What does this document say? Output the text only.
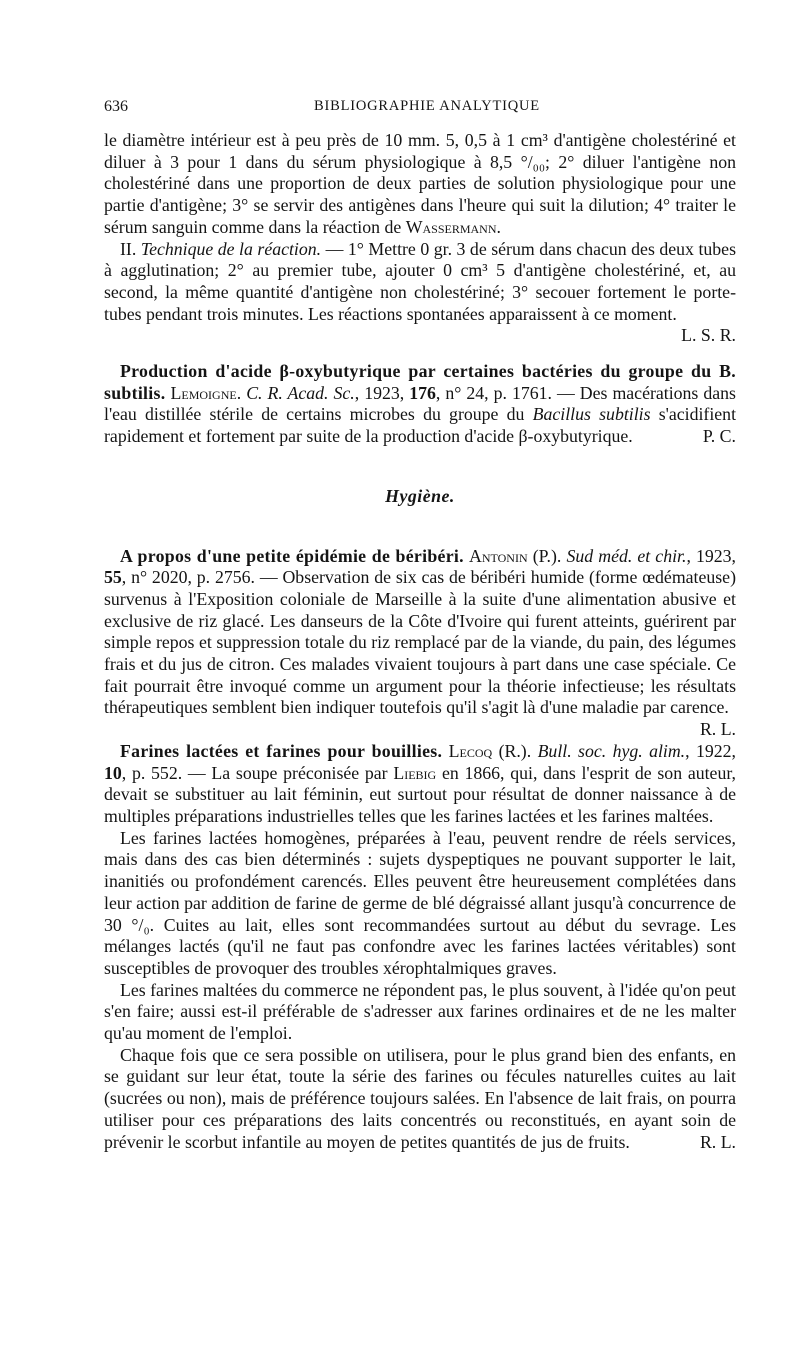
636	BIBLIOGRAPHIE ANALYTIQUE

le diamètre intérieur est à peu près de 10 mm. 5, 0,5 à 1 cm³ d'antigène cholestériné et diluer à 3 pour 1 dans du sérum physiologique à 8,5 °/₀₀; 2° diluer l'antigène non cholestériné dans une proportion de deux parties de solution physiologique pour une partie d'antigène; 3° se servir des antigènes dans l'heure qui suit la dilution; 4° traiter le sérum sanguin comme dans la réaction de Wassermann.

II. Technique de la réaction. — 1° Mettre 0 gr. 3 de sérum dans chacun des deux tubes à agglutination; 2° au premier tube, ajouter 0 cm³ 5 d'antigène cholestériné, et, au second, la même quantité d'antigène non cholestériné; 3° secouer fortement le porte-tubes pendant trois minutes. Les réactions spontanées apparaissent à ce moment.
L. S. R.

Production d'acide β-oxybutyrique par certaines bactéries du groupe du B. subtilis. Lemoigne. C. R. Acad. Sc., 1923, 176, n° 24, p. 1761. — Des macérations dans l'eau distillée stérile de certains microbes du groupe du Bacillus subtilis s'acidifient rapidement et fortement par suite de la production d'acide β-oxybutyrique.	P. C.

Hygiène.

A propos d'une petite épidémie de béribéri. Antonin (P.). Sud méd. et chir., 1923, 55, n° 2020, p. 2756. — Observation de six cas de béribéri humide (forme œdémateuse) survenus à l'Exposition coloniale de Marseille à la suite d'une alimentation abusive et exclusive de riz glacé. Les danseurs de la Côte d'Ivoire qui furent atteints, guérirent par simple repos et suppression totale du riz remplacé par de la viande, du pain, des légumes frais et du jus de citron. Ces malades vivaient toujours à part dans une case spéciale. Ce fait pourrait être invoqué comme un argument pour la théorie infectieuse; les résultats thérapeutiques semblent bien indiquer toutefois qu'il s'agit là d'une maladie par carence.
R. L.

Farines lactées et farines pour bouillies. Lecoq (R.). Bull. soc. hyg. alim., 1922, 10, p. 552. — La soupe préconisée par Liebig en 1866, qui, dans l'esprit de son auteur, devait se substituer au lait féminin, eut surtout pour résultat de donner naissance à de multiples préparations industrielles telles que les farines lactées et les farines maltées.

Les farines lactées homogènes, préparées à l'eau, peuvent rendre de réels services, mais dans des cas bien déterminés : sujets dyspeptiques ne pouvant supporter le lait, inanitiés ou profondément carencés. Elles peuvent être heureusement complétées dans leur action par addition de farine de germe de blé dégraissé allant jusqu'à concurrence de 30 °/₀. Cuites au lait, elles sont recommandées surtout au début du sevrage. Les mélanges lactés (qu'il ne faut pas confondre avec les farines lactées véritables) sont susceptibles de provoquer des troubles xérophtalmiques graves.

Les farines maltées du commerce ne répondent pas, le plus souvent, à l'idée qu'on peut s'en faire; aussi est-il préférable de s'adresser aux farines ordinaires et de ne les malter qu'au moment de l'emploi.

Chaque fois que ce sera possible on utilisera, pour le plus grand bien des enfants, en se guidant sur leur état, toute la série des farines ou fécules naturelles cuites au lait (sucrées ou non), mais de préférence toujours salées. En l'absence de lait frais, on pourra utiliser pour ces préparations des laits concentrés ou reconstitués, en ayant soin de prévenir le scorbut infantile au moyen de petites quantités de jus de fruits.	R. L.
